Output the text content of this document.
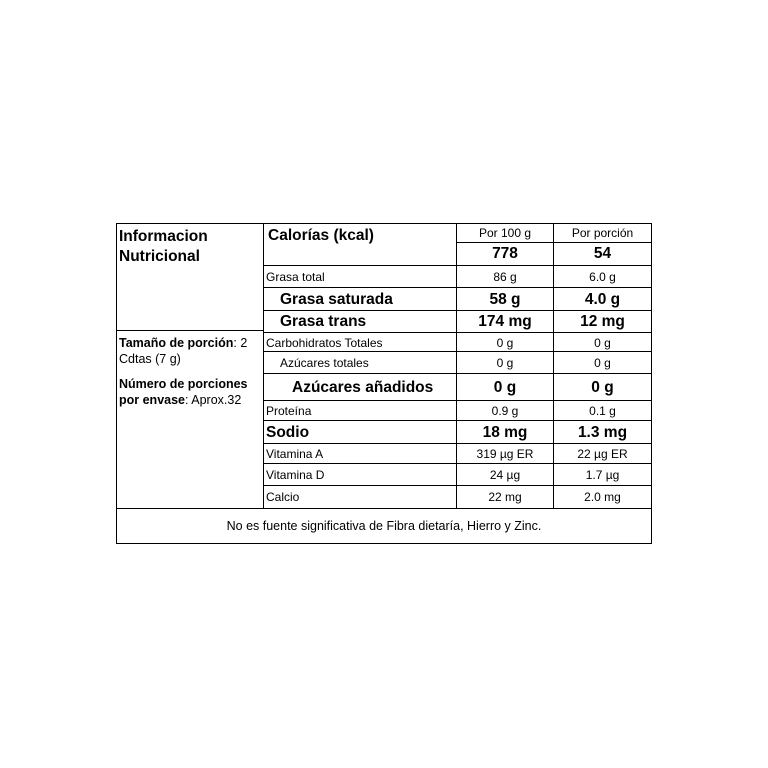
Informacion
Nutricional
Tamaño de porción: 2 Cdtas (7 g)
Número de porciones por envase: Aprox.32
Calorías (kcal)	Por 100 g	Por porción
778	54
No es fuente significativa de Fibra dietaría, Hierro y Zinc.
Grasa total	86 g	6.0 g
Grasa saturada	58 g	4.0 g
Grasa trans	174 mg	12 mg
Carbohidratos Totales	0 g	0 g
Azúcares totales	0 g	0 g
Azúcares añadidos	0 g	0 g
Proteína	0.9 g	0.1 g
Sodio	18 mg	1.3 mg
Vitamina A	319 µg ER	22 µg ER
Vitamina D	24 µg	1.7 µg
Calcio	22 mg	2.0 mg
